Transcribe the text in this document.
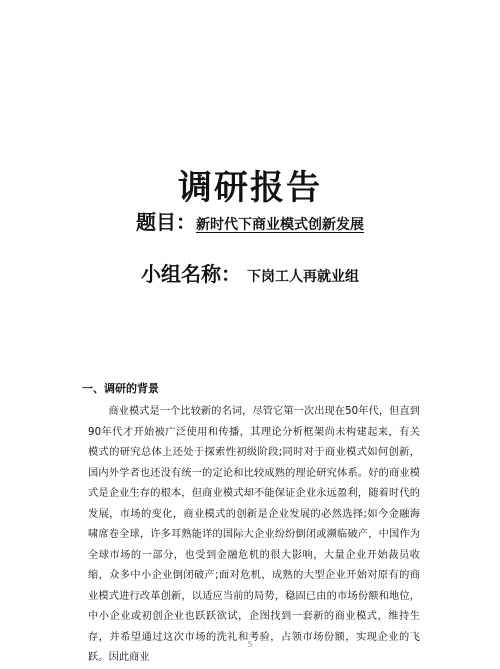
调研报告
题目：新时代下商业模式创新发展
小组名称： 下岗工人再就业组
一、调研的背景

商业模式是一个比较新的名词，尽管它第一次出现在50年代，但直到90年代才开始被广泛使用和传播，其理论分析框架尚未构建起来，有关模式的研究总体上还处于探索性初级阶段;同时对于商业模式如何创新，国内外学者也还没有统一的定论和比较成熟的理论研究体系。好的商业模式是企业生存的根本，但商业模式却不能保证企业永远盈利，随着时代的发展，市场的变化，商业模式的创新是企业发展的必然选择;如今金融海啸席卷全球，许多耳熟能详的国际大企业纷纷倒闭或濒临破产，中国作为全球市场的一部分，也受到金融危机的很大影响，大量企业开始裁员收缩，众多中小企业倒闭破产;面对危机，成熟的大型企业开始对原有的商业模式进行改革创新，以适应当前的局势，稳固已由的市场份额和地位，中小企业或初创企业也跃跃欲试，企图找到一套新的商业模式，维持生存，并希望通过这次市场的洗礼和考验，占领市场份额，实现企业的飞跃。因此商业

5
